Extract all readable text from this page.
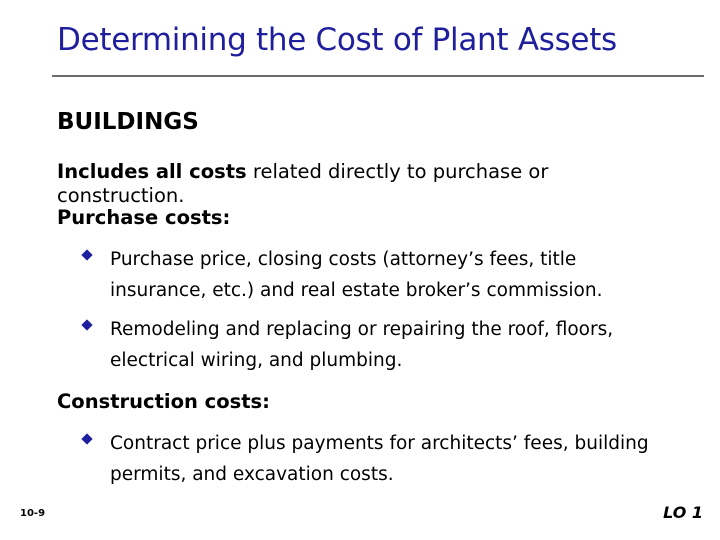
Determining the Cost of Plant Assets
BUILDINGS
Includes all costs related directly to purchase or construction.
Purchase costs:
Purchase price, closing costs (attorney’s fees, title insurance, etc.) and real estate broker’s commission.
Remodeling and replacing or repairing the roof, floors, electrical wiring, and plumbing.
Construction costs:
Contract price plus payments for architects’ fees, building permits, and excavation costs.
10-9	LO 1
